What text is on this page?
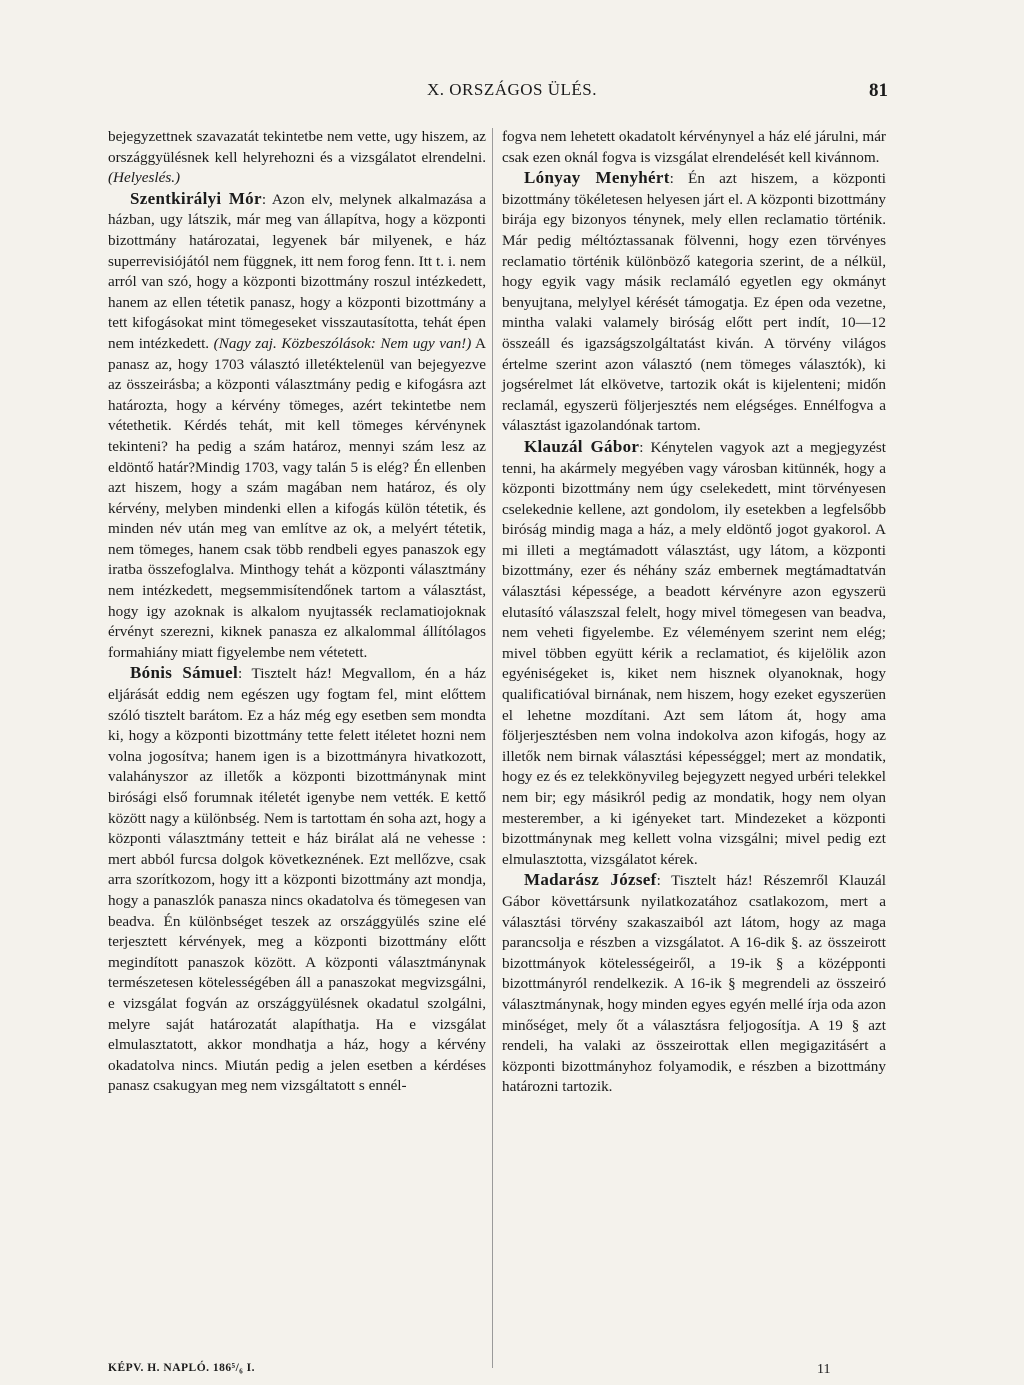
X. ORSZÁGOS ÜLÉS.	81

bejegyzettnek szavazatát tekintetbe nem vette, ugy hiszem, az országgyülésnek kell helyrehozni és a vizsgálatot elrendelni. (Helyeslés.)

Szentkirályi Mór: Azon elv, melynek alkalmazása a házban, ugy látszik, már meg van állapítva, hogy a központi bizottmány határozatai, legyenek bár milyenek, e ház superrevisiójától nem függnek, itt nem forog fenn. Itt t. i. nem arról van szó, hogy a központi bizottmány roszul intézkedett, hanem az ellen tétetik panasz, hogy a központi bizottmány a tett kifogásokat mint tömegeseket visszautasította, tehát épen nem intézkedett. (Nagy zaj. Közbeszólások: Nem ugy van!) A panasz az, hogy 1703 választó illetéktelenül van bejegyezve az összeirásba; a központi választmány pedig e kifogásra azt határozta, hogy a kérvény tömeges, azért tekintetbe nem vétethetik. Kérdés tehát, mit kell tömeges kérvénynek tekinteni? ha pedig a szám határoz, mennyi szám lesz az eldöntő határ?Mindig 1703, vagy talán 5 is elég? Én ellenben azt hiszem, hogy a szám magában nem határoz, és oly kérvény, melyben mindenki ellen a kifogás külön tétetik, és minden név után meg van említve az ok, a melyért tétetik, nem tömeges, hanem csak több rendbeli egyes panaszok egy iratba összefoglalva. Minthogy tehát a központi választmány nem intézkedett, megsemmisítendőnek tartom a választást, hogy igy azoknak is alkalom nyujtassék reclamatiojoknak érvényt szerezni, kiknek panasza ez alkalommal állítólagos formahiány miatt figyelembe nem vétetett.

Bónis Sámuel: Tisztelt ház! Megvallom, én a ház eljárását eddig nem egészen ugy fogtam fel, mint előttem szóló tisztelt barátom. Ez a ház még egy esetben sem mondta ki, hogy a központi bizottmány tette felett itéletet hozni nem volna jogosítva; hanem igen is a bizottmányra hivatkozott, valahányszor az illetők a központi bizottmánynak mint birósági első forumnak itéletét igenybe nem vették. E kettő között nagy a különbség. Nem is tartottam én soha azt, hogy a központi választmány tetteit e ház birálat alá ne vehesse : mert abból furcsa dolgok következnének. Ezt mellőzve, csak arra szorítkozom, hogy itt a központi bizottmány azt mondja, hogy a panaszlók panasza nincs okadatolva és tömegesen van beadva. Én különbséget teszek az országgyülés szine elé terjesztett kérvények, meg a központi bizottmány előtt megindított panaszok között. A központi választmánynak természetesen kötelességében áll a panaszokat megvizsgálni, e vizsgálat fogván az országgyülésnek okadatul szolgálni, melyre saját határozatát alapíthatja. Ha e vizsgálat elmulasztatott, akkor mondhatja a ház, hogy a kérvény okadatolva nincs. Miután pedig a jelen esetben a kérdéses panasz csakugyan meg nem vizsgáltatott s ennél-

fogva nem lehetett okadatolt kérvénynyel a ház elé járulni, már csak ezen oknál fogva is vizsgálat elrendelését kell kivánnom.

Lónyay Menyhért: Én azt hiszem, a központi bizottmány tökéletesen helyesen járt el. A központi bizottmány birája egy bizonyos ténynek, mely ellen reclamatio történik. Már pedig méltóztassanak fölvenni, hogy ezen törvényes reclamatio történik különböző kategoria szerint, de a nélkül, hogy egyik vagy másik reclamáló egyetlen egy okmányt benyujtana, melylyel kérését támogatja. Ez épen oda vezetne, mintha valaki valamely biróság előtt pert indít, 10—12 összeáll és igazságszolgáltatást kiván. A törvény világos értelme szerint azon választó (nem tömeges választók), ki jogsérelmet lát elkövetve, tartozik okát is kijelenteni; midőn reclamál, egyszerü följerjesztés nem elégséges. Ennélfogva a választást igazolandónak tartom.

Klauzál Gábor: Kénytelen vagyok azt a megjegyzést tenni, ha akármely megyében vagy városban kitünnék, hogy a központi bizottmány nem úgy cselekedett, mint törvényesen cselekednie kellene, azt gondolom, ily esetekben a legfelsőbb biróság mindig maga a ház, a mely eldöntő jogot gyakorol. A mi illeti a megtámadott választást, ugy látom, a központi bizottmány, ezer és néhány száz embernek megtámadtatván választási képessége, a beadott kérvényre azon egyszerü elutasító válaszszal felelt, hogy mivel tömegesen van beadva, nem veheti figyelembe. Ez véleményem szerint nem elég; mivel többen együtt kérik a reclamatiot, és kijelölik azon egyéniségeket is, kiket nem hisznek olyanoknak, hogy qualificatióval birnának, nem hiszem, hogy ezeket egyszerüen el lehetne mozdítani. Azt sem látom át, hogy ama följerjesztésben nem volna indokolva azon kifogás, hogy az illetők nem birnak választási képességgel; mert az mondatik, hogy ez és ez telekkönyvileg bejegyzett negyed urbéri telekkel nem bir; egy másikról pedig az mondatik, hogy nem olyan mesterember, a ki igényeket tart. Mindezeket a központi bizottmánynak meg kellett volna vizsgálni; mivel pedig ezt elmulasztotta, vizsgálatot kérek.

Madarász József: Tisztelt ház! Részemről Klauzál Gábor követtársunk nyilatkozatához csatlakozom, mert a választási törvény szakaszaiból azt látom, hogy az maga parancsolja e részben a vizsgálatot. A 16-dik §. az összeirott bizottmányok kötelességeiről, a 19-ik § a középponti bizottmányról rendelkezik. A 16-ik § megrendeli az összeiró választmánynak, hogy minden egyes egyén mellé írja oda azon minőséget, mely őt a választásra feljogosítja. A 19 § azt rendeli, ha valaki az összeirottak ellen megigazitásért a központi bizottmányhoz folyamodik, e részben a bizottmány határozni tartozik.

KÉPV. H. NAPLÓ. 186⁵/₆ I.	11
